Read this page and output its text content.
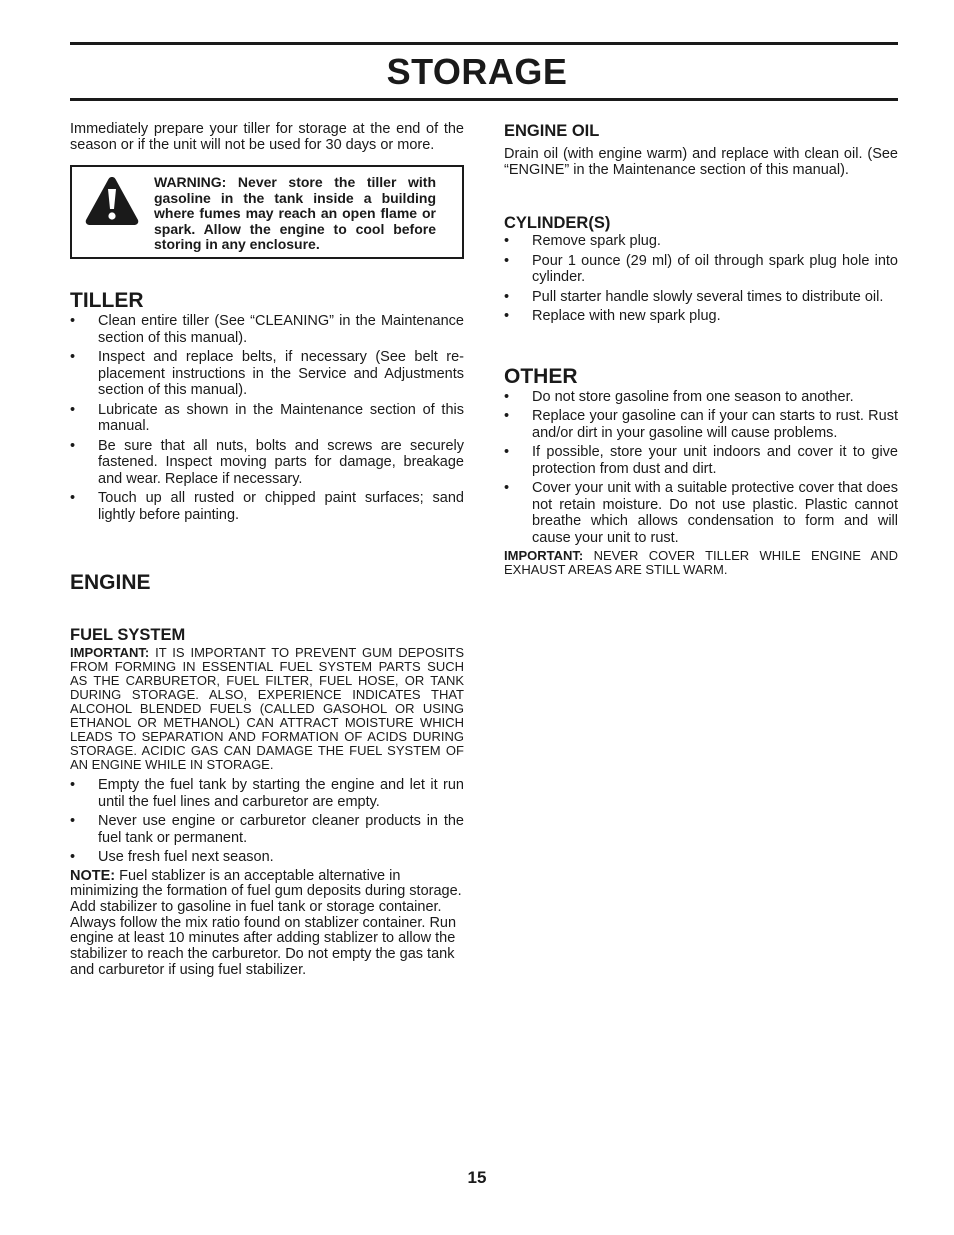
STORAGE

Immediately prepare your tiller for storage at the end of the season or if the unit will not be used for 30 days or more.

WARNING: Never store the tiller with gasoline in the tank inside a building where fumes may reach an open flame or spark. Allow the engine to cool before storing in any enclosure.
TILLER
• Clean entire tiller (See “CLEANING” in the Maintenance section of this manual).
• Inspect and replace belts, if necessary (See belt re-placement instructions in the Service and Adjustments section of this manual).
• Lubricate as shown in the Maintenance section of this manual.
• Be sure that all nuts, bolts and screws are securely fastened. Inspect moving parts for damage, breakage and wear. Replace if necessary.
• Touch up all rusted or chipped paint surfaces; sand lightly before painting.
ENGINE
FUEL SYSTEM

IMPORTANT: IT IS IMPORTANT TO PREVENT GUM DEPOSITS FROM FORMING IN ESSENTIAL FUEL SYSTEM PARTS SUCH AS THE CARBURETOR, FUEL FILTER, FUEL HOSE, OR TANK DURING STORAGE. ALSO, EXPERIENCE INDICATES THAT ALCOHOL BLENDED FUELS (CALLED GASOHOL OR USING ETHANOL OR METHANOL) CAN ATTRACT MOISTURE WHICH LEADS TO SEPARATION AND FORMATION OF ACIDS DURING STORAGE. ACIDIC GAS CAN DAMAGE THE FUEL SYSTEM OF AN ENGINE WHILE IN STORAGE.

• Empty the fuel tank by starting the engine and let it run until the fuel lines and carburetor are empty.
• Never use engine or carburetor cleaner products in the fuel tank or permanent.
• Use fresh fuel next season.

NOTE: Fuel stablizer is an acceptable alternative in minimizing the formation of fuel gum deposits during storage. Add stabilizer to gasoline in fuel tank or storage container. Always follow the mix ratio found on stablizer container. Run engine at least 10 minutes after adding stablizer to allow the stabilizer to reach the carburetor. Do not empty the gas tank and carburetor if using fuel stabilizer.

ENGINE OIL

Drain oil (with engine warm) and replace with clean oil. (See “ENGINE” in the Maintenance section of this manual).

CYLINDER(S)
• Remove spark plug.
• Pour 1 ounce (29 ml) of oil through spark plug hole into cylinder.
• Pull starter handle slowly several times to distribute oil.
• Replace with new spark plug.
OTHER
• Do not store gasoline from one season to another.
• Replace your gasoline can if your can starts to rust. Rust and/or dirt in your gasoline will cause problems.
• If possible, store your unit indoors and cover it to give protection from dust and dirt.
• Cover your unit with a suitable protective cover that does not retain moisture. Do not use plastic. Plastic cannot breathe which allows condensation to form and will cause your unit to rust.

IMPORTANT: NEVER COVER TILLER WHILE ENGINE AND EXHAUST AREAS ARE STILL WARM.

15
